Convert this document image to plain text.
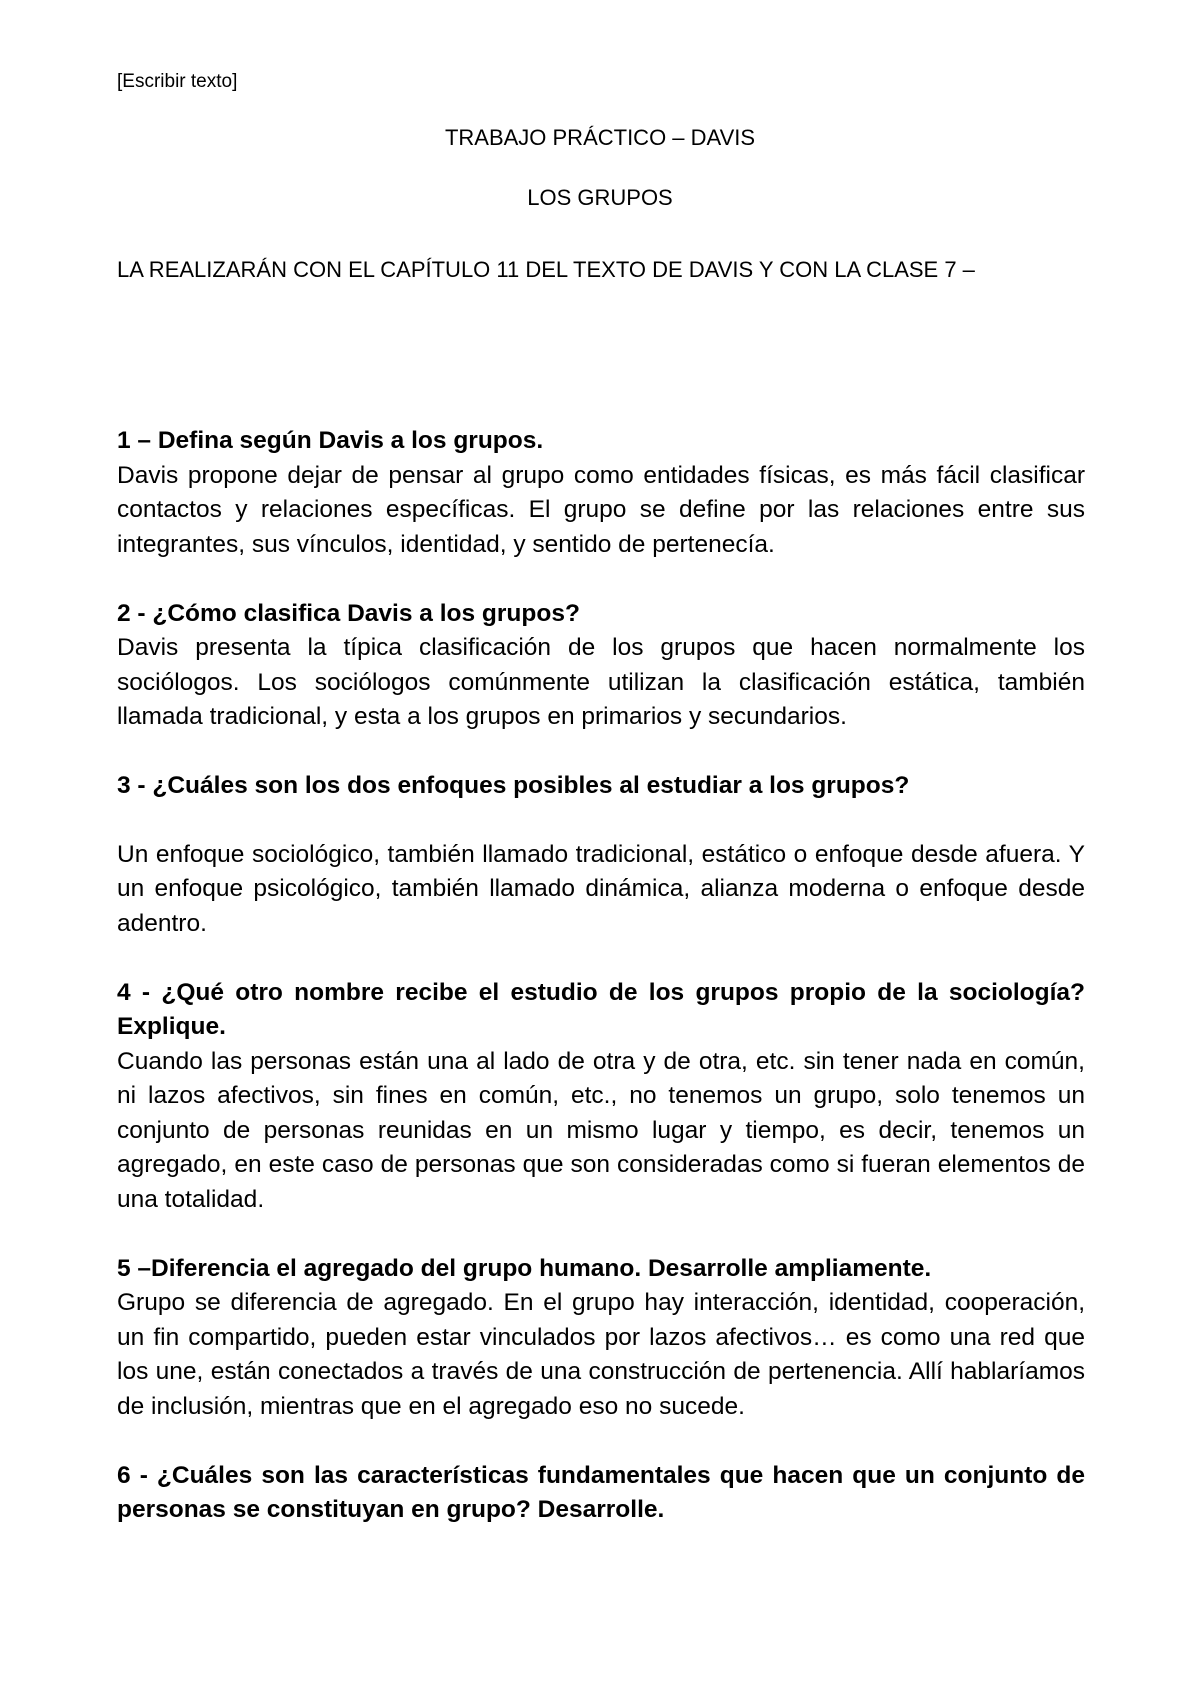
[Escribir texto]
TRABAJO PRÁCTICO – DAVIS
LOS GRUPOS
LA REALIZARÁN CON EL CAPÍTULO 11 DEL TEXTO DE DAVIS Y CON LA CLASE 7 –

1 – Defina según Davis a los grupos.

Davis propone dejar de pensar al grupo como entidades físicas, es más fácil clasificar contactos y relaciones específicas. El grupo se define por las relaciones entre sus integrantes, sus vínculos, identidad, y sentido de pertenecía.

2 - ¿Cómo clasifica Davis a los grupos?

Davis presenta la típica clasificación de los grupos que hacen normalmente los sociólogos. Los sociólogos comúnmente utilizan la clasificación estática, también llamada tradicional, y esta a los grupos en primarios y secundarios.

3 - ¿Cuáles son los dos enfoques posibles al estudiar a los grupos?

Un enfoque sociológico, también llamado tradicional, estático o enfoque desde afuera. Y un enfoque psicológico, también llamado dinámica, alianza moderna o enfoque desde adentro.

4 - ¿Qué otro nombre recibe el estudio de los grupos propio de la sociología? Explique.

Cuando las personas están una al lado de otra y de otra, etc. sin tener nada en común, ni lazos afectivos, sin fines en común, etc., no tenemos un grupo, solo tenemos un conjunto de personas reunidas en un mismo lugar y tiempo, es decir, tenemos un agregado, en este caso de personas que son consideradas como si fueran elementos de una totalidad.

5 –Diferencia el agregado del grupo humano. Desarrolle ampliamente.

Grupo se diferencia de agregado. En el grupo hay interacción, identidad, cooperación, un fin compartido, pueden estar vinculados por lazos afectivos… es como una red que los une, están conectados a través de una construcción de pertenencia. Allí hablaríamos de inclusión, mientras que en el agregado eso no sucede.

6 - ¿Cuáles son las características fundamentales que hacen que un conjunto de personas se constituyan en grupo? Desarrolle.
